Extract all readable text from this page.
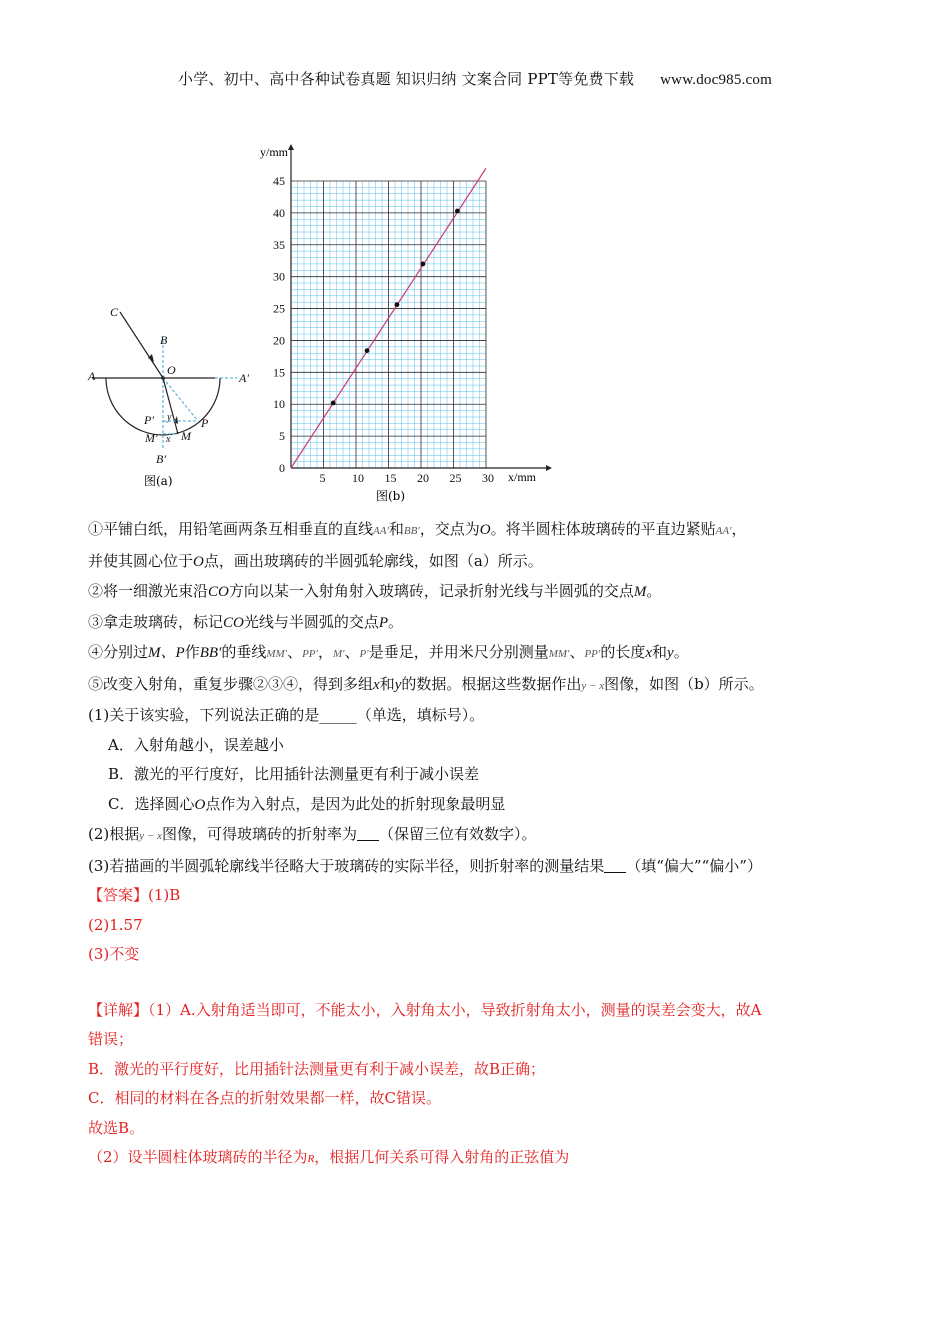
小学、初中、高中各种试卷真题 知识归纳 文案合同 PPT等免费下载 www.doc985.com
C
B
O
A	A′
P′ y P
M′ x M
B′
图(a)	5 10 15 20 25 30
0
5
10
15
20
25
30
35
40
45
y/mm
x/mm
图(b)
①平铺白纸，用铅笔画两条互相垂直的直线AA′和BB′，交点为O。将半圆柱体玻璃砖的平直边紧贴AA′，
并使其圆心位于O点，画出玻璃砖的半圆弧轮廓线，如图（a）所示。
②将一细激光束沿CO方向以某一入射角射入玻璃砖，记录折射光线与半圆弧的交点M。
③拿走玻璃砖，标记CO光线与半圆弧的交点P。
④分别过M、P作BB′的垂线MM′、PP′，M′、P′是垂足，并用米尺分别测量MM′、PP′的长度x和y。
⑤改变入射角，重复步骤②③④，得到多组x和y的数据。根据这些数据作出y − x图像，如图（b）所示。
(1)关于该实验，下列说法正确的是_____（单选，填标号）。
A．入射角越小，误差越小
B．激光的平行度好，比用插针法测量更有利于减小误差
C．选择圆心O点作为入射点，是因为此处的折射现象最明显
(2)根据y − x图像，可得玻璃砖的折射率为 （保留三位有效数字）。
(3)若描画的半圆弧轮廓线半径略大于玻璃砖的实际半径，则折射率的测量结果 （填“偏大”“偏小”）
【答案】(1)B
(2)1.57
(3)不变
【详解】（1）A.入射角适当即可，不能太小，入射角太小，导致折射角太小，测量的误差会变大，故A
错误；
B．激光的平行度好，比用插针法测量更有利于减小误差，故B正确；
C．相同的材料在各点的折射效果都一样，故C错误。
故选B。
（2）设半圆柱体玻璃砖的半径为R，根据几何关系可得入射角的正弦值为
